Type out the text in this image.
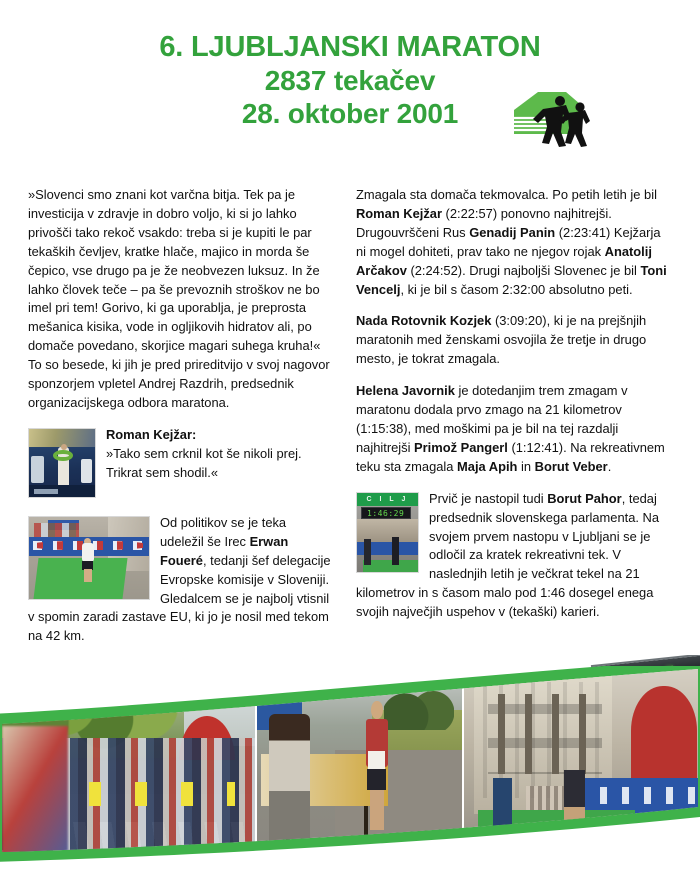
6. LJUBLJANSKI MARATON
2837 tekačev
28. oktober 2001

»Slovenci smo znani kot varčna bitja. Tek pa je investicija v zdravje in dobro voljo, ki si jo lahko privošči tako rekoč vsakdo: treba si je kupiti le par tekaških čevljev, kratke hlače, majico in morda še čepico, vse drugo pa je že neobvezen luksuz. In že lahko človek teče – pa še prevoznih stroškov ne bo imel pri tem! Gorivo, ki ga uporablja, je preprosta mešanica kisika, vode in ogljikovih hidratov ali, po domače povedano, skorjice magari suhega kruha!« To so besede, ki jih je pred prireditvijo v svoj nagovor sponzorjem vpletel Andrej Razdrih, predsednik organizacijskega odbora maratona.

Roman Kejžar:
»Tako sem crknil kot še nikoli prej. Trikrat sem shodil.«
Od politikov se je teka udeležil še Irec Erwan Foueré, tedanji šef delegacije Evropske komisije v Sloveniji. Gledalcem se je najbolj vtisnil v spomin zaradi zastave EU, ki jo je nosil med tekom na 42 km.

Zmagala sta domača tekmovalca. Po petih letih je bil Roman Kejžar (2:22:57) ponovno najhitrejši. Drugouvrščeni Rus Genadij Panin (2:23:41) Kejžarja ni mogel dohiteti, prav tako ne njegov rojak Anatolij Arčakov (2:24:52). Drugi najboljši Slovenec je bil Toni Vencelj, ki je bil s časom 2:32:00 absolutno peti.

Nada Rotovnik Kozjek (3:09:20), ki je na prejšnjih maratonih med ženskami osvojila že tretje in drugo mesto, je tokrat zmagala.

Helena Javornik je dotedanjim trem zmagam v maratonu dodala prvo zmago na 21 kilometrov (1:15:38), med moškimi pa je bil na tej razdalji najhitrejši Primož Pangerl (1:12:41). Na rekreativnem teku sta zmagala Maja Apih in Borut Veber.

C I L J
1:46:29
Prvič je nastopil tudi Borut Pahor, tedaj predsednik slovenskega parlamenta. Na svojem prvem nastopu v Ljubljani se je odločil za kratek rekreativni tek. V naslednjih letih je večkrat tekel na 21 kilometrov in s časom malo pod 1:46 dosegel enega svojih največjih uspehov v (tekaški) karieri.
